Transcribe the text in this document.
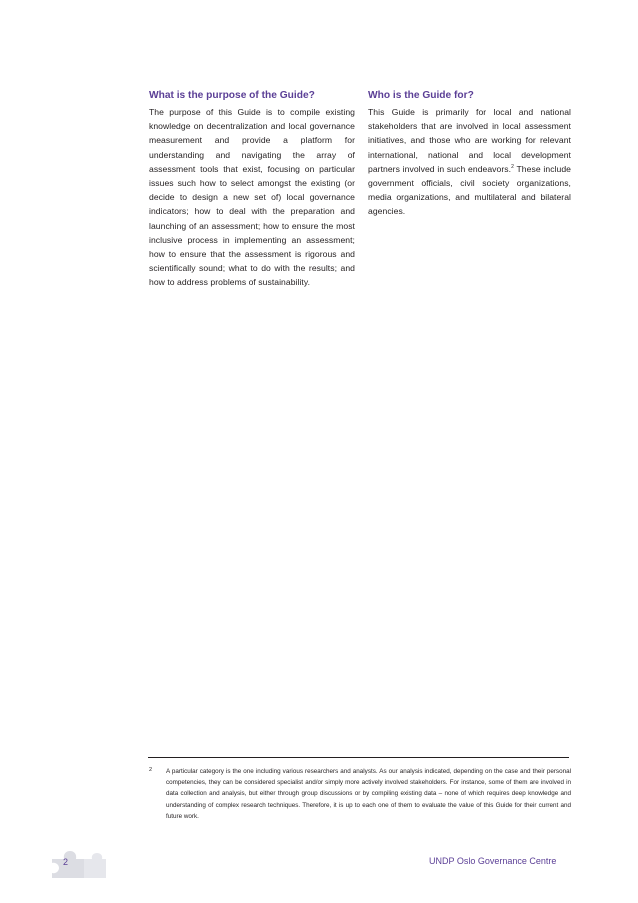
What is the purpose of the Guide?

The purpose of this Guide is to compile existing knowledge on decentralization and local governance measurement and provide a platform for understanding and navigating the array of assessment tools that exist, focusing on particular issues such how to select amongst the existing (or decide to design a new set of) local governance indicators; how to deal with the preparation and launching of an assessment; how to ensure the most inclusive process in implementing an assessment; how to ensure that the assessment is rigorous and scientifically sound; what to do with the results; and how to address problems of sustainability.

Who is the Guide for?

This Guide is primarily for local and national stakeholders that are involved in local assessment initiatives, and those who are working for relevant international, national and local development partners involved in such endeavors.$^2$ These include government officials, civil society organizations, media organizations, and multilateral and bilateral agencies.

2 A particular category is the one including various researchers and analysts. As our analysis indicated, depending on the case and their personal competencies, they can be considered specialist and/or simply more actively involved stakeholders. For instance, some of them are involved in data collection and analysis, but either through group discussions or by compiling existing data – none of which requires deep knowledge and understanding of complex research techniques. Therefore, it is up to each one of them to evaluate the value of this Guide for their current and future work.

2	UNDP Oslo Governance Centre
